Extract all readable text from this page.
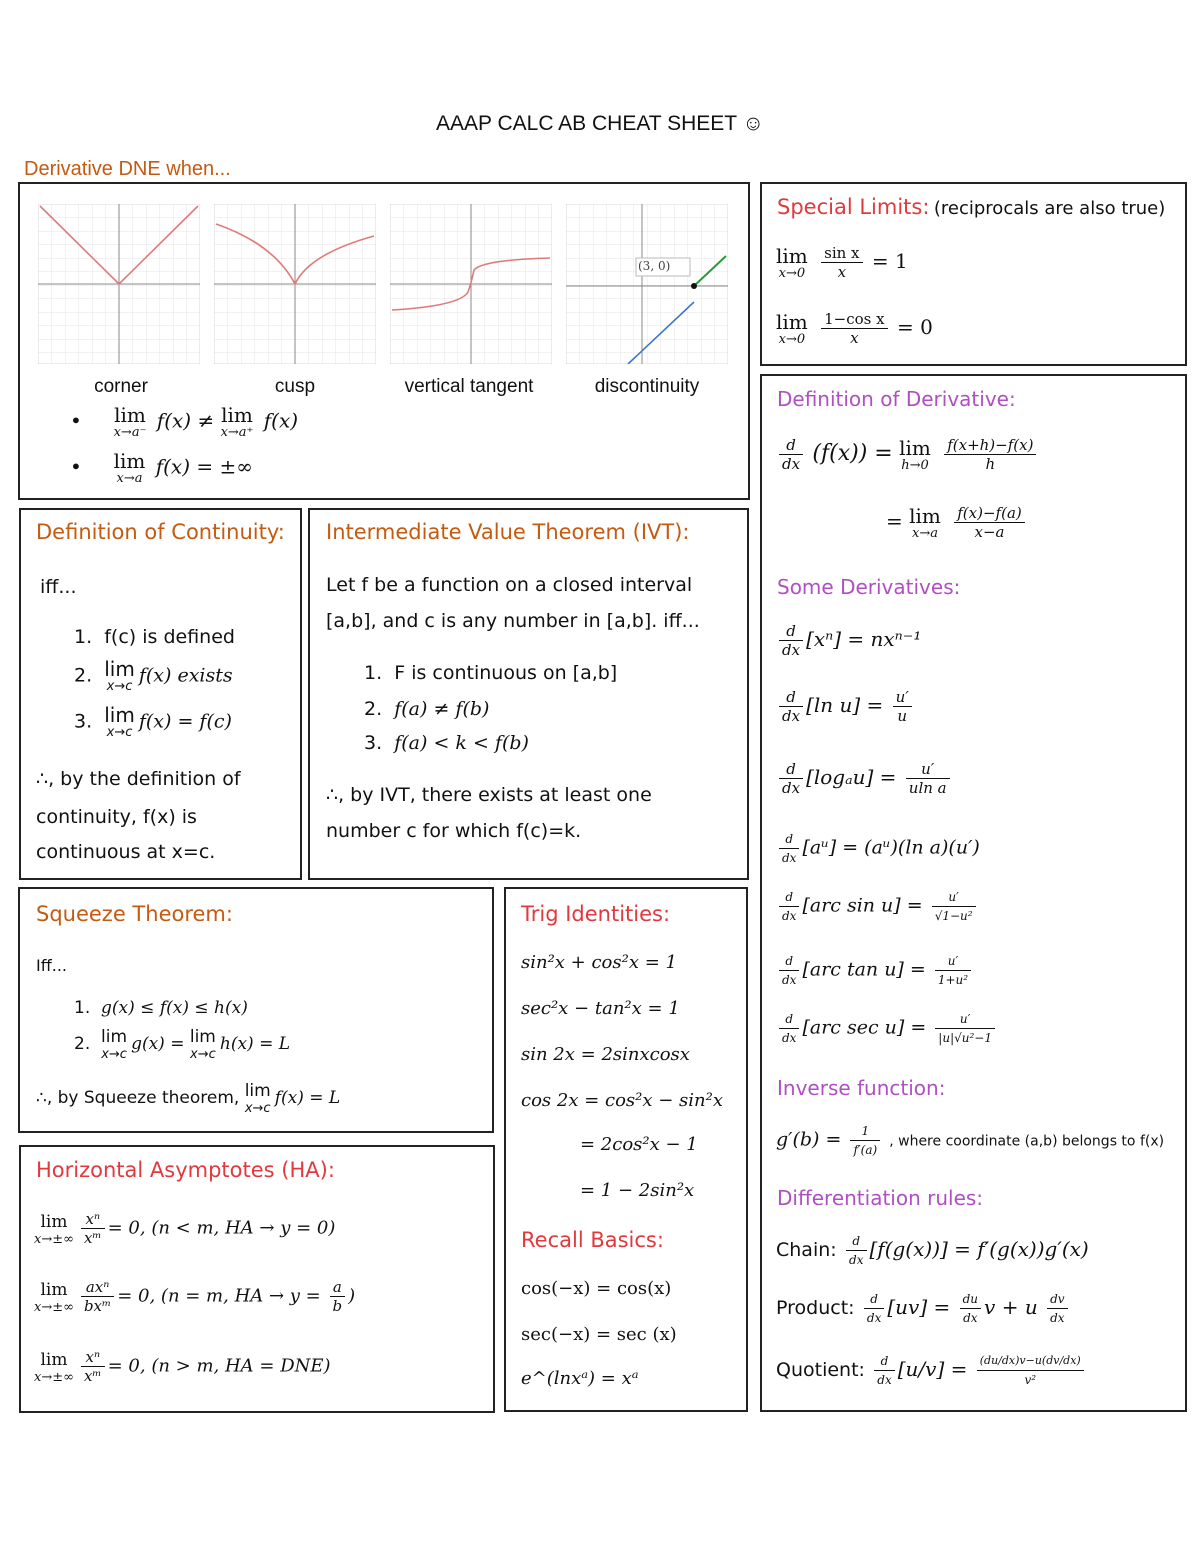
AAAP CALC AB CHEAT SHEET ☺
Derivative DNE when...
(3, 0)
corner	cusp	vertical tangent	discontinuity
• lim
x→a⁻ f(x) ≠ lim
x→a⁺ f(x)
• lim
x→a f(x) = ±∞
Special Limits: (reciprocals are also true)
lim
x→0
$\frac{\text{sin x}}{x} = 1$
lim
x→0
$\frac{\text{1−cos x}}{x} = 0$
Definition of Derivative:
$\frac{d}{dx} (f(x)) = \lim$
h→0
$\frac{f(x+h)-f(x)}{h}$
= lim
x→a
$\frac{f(x)-f(a)}{x-a}$
Some Derivatives:
$\frac{d}{dx} [x^n] = nx^{n-1}$
$\frac{d}{dx} [\ln$ $u] = \frac{u'}{u}$
$\frac{d}{dx} [\log_au] = \frac{u'}{\text{uln a}}$
$\frac{d}{dx}$ [aᵘ] = (aᵘ)(ln a)(u′)
$\frac{d}{dx} [arc$ $\sin u] = \frac{u'}{\text{√1−u²}}$
$\frac{d}{dx} [arc$ $\tan u] = \frac{u'}{\text{1+u²}}$
$\frac{d}{dx} [arc$ $\sec u] = \frac{u'}{\text{|u|√u²−1}}$
Inverse function:
$g'(b) = \frac{1}{f'(a)}$ , where coordinate (a,b) belongs to f(x)
Differentiation rules:
Chain: $\frac{d}{dx} [f(g(x))] = f'(g(x))g'(x)$
Product: $\frac{d}{dx} [uv] = \frac{du}{dx}$ v + u $\frac{dv}{dx}$
Quotient: $\frac{d}{dx} [u/v] = \frac{(du/dx)v-u(dv/dx)}{\text{v²}}$
Definition of Continuity:
iff...
1. f(c) is defined
2. lim
x→c f(x) exists
3. lim
x→c f(x) = f(c)
∴, by the definition of
continuity, f(x) is
continuous at x=c.
Intermediate Value Theorem (IVT):
Let f be a function on a closed interval
[a,b], and c is any number in [a,b]. iff...
1. F is continuous on [a,b]
2. f(a) ≠ f(b)
3. f(a) < k < f(b)
∴, by IVT, there exists at least one
number c for which f(c)=k.
Squeeze Theorem:
Iff...
1. g(x) ≤ f(x) ≤ h(x)
2. lim
x→c
g(x) = lim
x→c
h(x) = L
∴, by Squeeze theorem, lim
x→c
f(x) = L
Trig Identities:
sin²x + cos²x = 1
sec²x − tan²x = 1
sin 2x = 2sinxcosx
cos 2x = cos²x − sin²x
= 2cos²x − 1
= 1 − 2sin²x
Recall Basics:
cos(−x) = cos(x)
sec(−x) = sec (x)
e^(lnxᵃ) = xᵃ
Horizontal Asymptotes (HA):
lim
$x\to\pm\infty \frac{\text{xⁿ}}{\text{xᵐ}} = 0$, (n < m, HA → y = 0)
lim
$x\to\pm\infty \frac{\text{axⁿ}}{\text{bxᵐ}} = 0$, (n = m, HA → $y = \frac{a}{b}$ )
lim
$x\to\pm\infty \frac{\text{xⁿ}}{\text{xᵐ}} = 0$, (n > m, HA = DNE)
